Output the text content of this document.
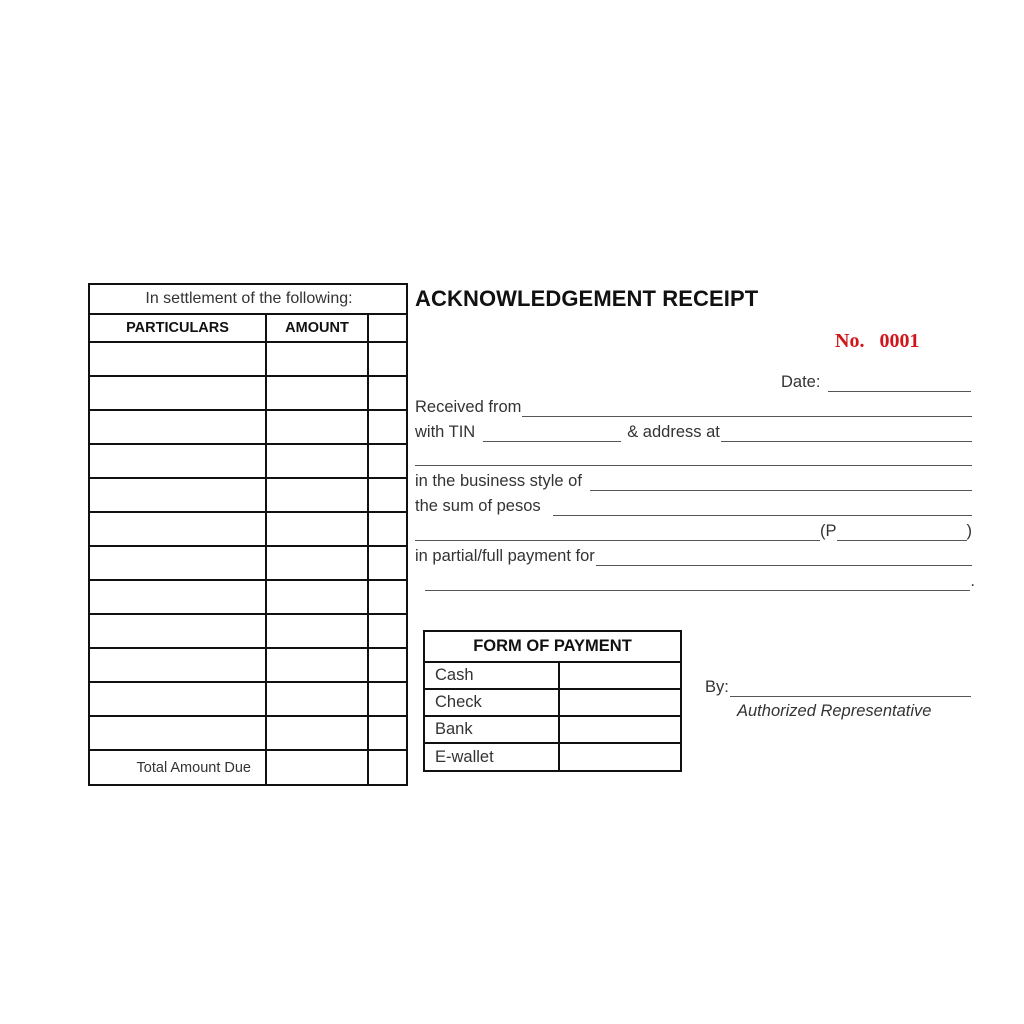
In settlement of the following:		
PARTICULARS	AMOUNT	

Total Amount Due		
ACKNOWLEDGEMENT RECEIPT
No. 0001
Date:
Received from
with TIN	& address at
in the business style of
the sum of pesos
(P	)
in partial/full payment for
.
FORM OF PAYMENT	
Cash	
Check	
Bank	
E-wallet	
By:
Authorized Representative
